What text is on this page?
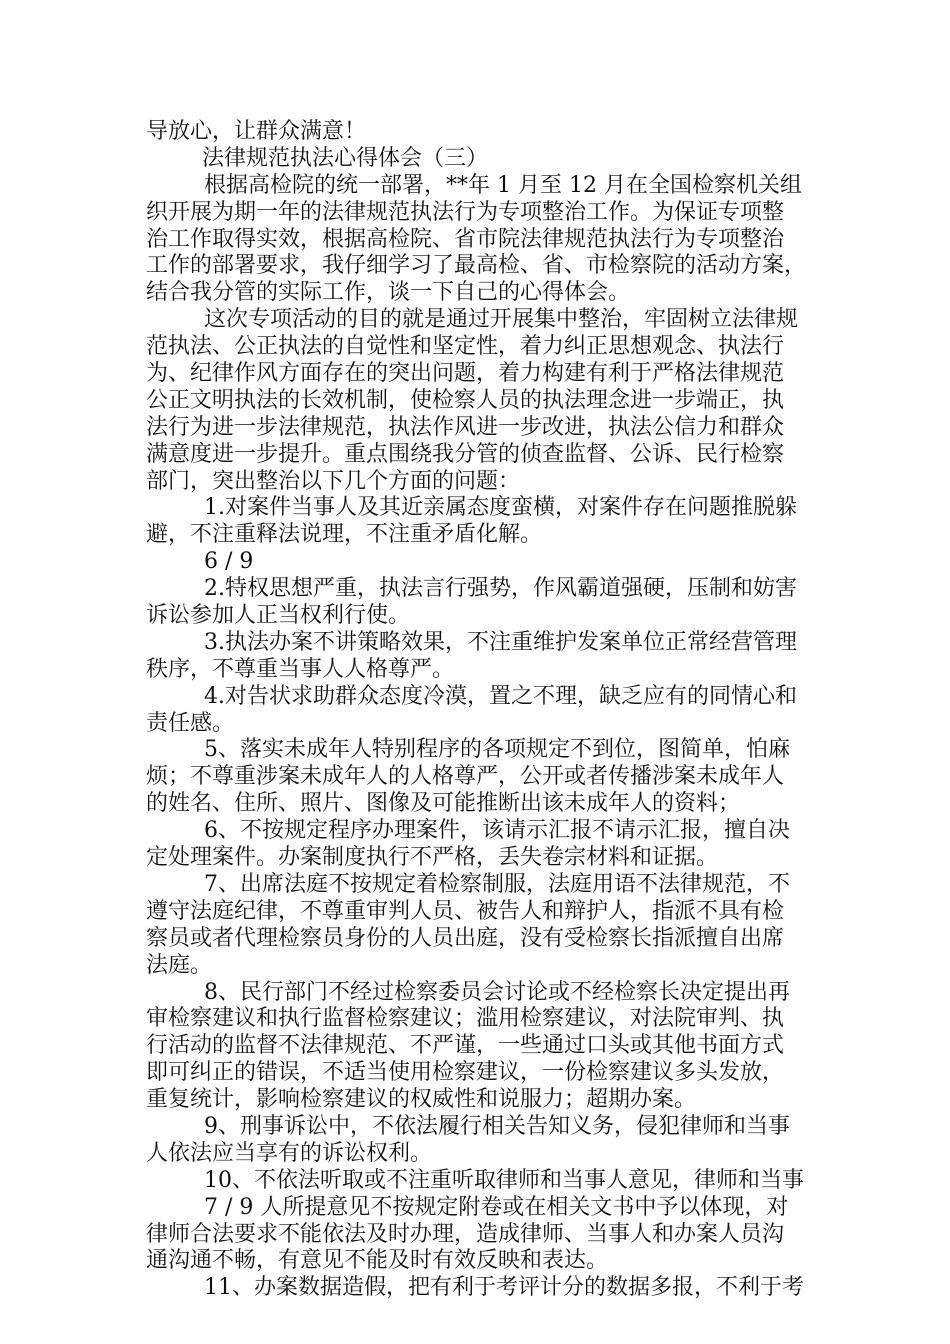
导放心，让群众满意！
法律规范执法心得体会（三）
根据高检院的统一部署，**年 1 月至 12 月在全国检察机关组
织开展为期一年的法律规范执法行为专项整治工作。为保证专项整
治工作取得实效，根据高检院、省市院法律规范执法行为专项整治
工作的部署要求，我仔细学习了最高检、省、市检察院的活动方案，
结合我分管的实际工作，谈一下自己的心得体会。
这次专项活动的目的就是通过开展集中整治，牢固树立法律规
范执法、公正执法的自觉性和坚定性，着力纠正思想观念、执法行
为、纪律作风方面存在的突出问题，着力构建有利于严格法律规范
公正文明执法的长效机制，使检察人员的执法理念进一步端正，执
法行为进一步法律规范，执法作风进一步改进，执法公信力和群众
满意度进一步提升。重点围绕我分管的侦查监督、公诉、民行检察
部门，突出整治以下几个方面的问题：
1.对案件当事人及其近亲属态度蛮横，对案件存在问题推脱躲
避，不注重释法说理，不注重矛盾化解。
6 / 9
2.特权思想严重，执法言行强势，作风霸道强硬，压制和妨害
诉讼参加人正当权利行使。
3.执法办案不讲策略效果，不注重维护发案单位正常经营管理
秩序，不尊重当事人人格尊严。
4.对告状求助群众态度冷漠，置之不理，缺乏应有的同情心和
责任感。
5、落实未成年人特别程序的各项规定不到位，图简单，怕麻
烦；不尊重涉案未成年人的人格尊严，公开或者传播涉案未成年人
的姓名、住所、照片、图像及可能推断出该未成年人的资料；
6、不按规定程序办理案件，该请示汇报不请示汇报，擅自决
定处理案件。办案制度执行不严格，丢失卷宗材料和证据。
7、出席法庭不按规定着检察制服，法庭用语不法律规范，不
遵守法庭纪律，不尊重审判人员、被告人和辩护人，指派不具有检
察员或者代理检察员身份的人员出庭，没有受检察长指派擅自出席
法庭。
8、民行部门不经过检察委员会讨论或不经检察长决定提出再
审检察建议和执行监督检察建议；滥用检察建议，对法院审判、执
行活动的监督不法律规范、不严谨，一些通过口头或其他书面方式
即可纠正的错误，不适当使用检察建议，一份检察建议多头发放，
重复统计，影响检察建议的权威性和说服力；超期办案。
9、刑事诉讼中，不依法履行相关告知义务，侵犯律师和当事
人依法应当享有的诉讼权利。
10、不依法听取或不注重听取律师和当事人意见，律师和当事
7 / 9 人所提意见不按规定附卷或在相关文书中予以体现，对
律师合法要求不能依法及时办理，造成律师、当事人和办案人员沟
通沟通不畅，有意见不能及时有效反映和表达。
11、办案数据造假，把有利于考评计分的数据多报，不利于考
